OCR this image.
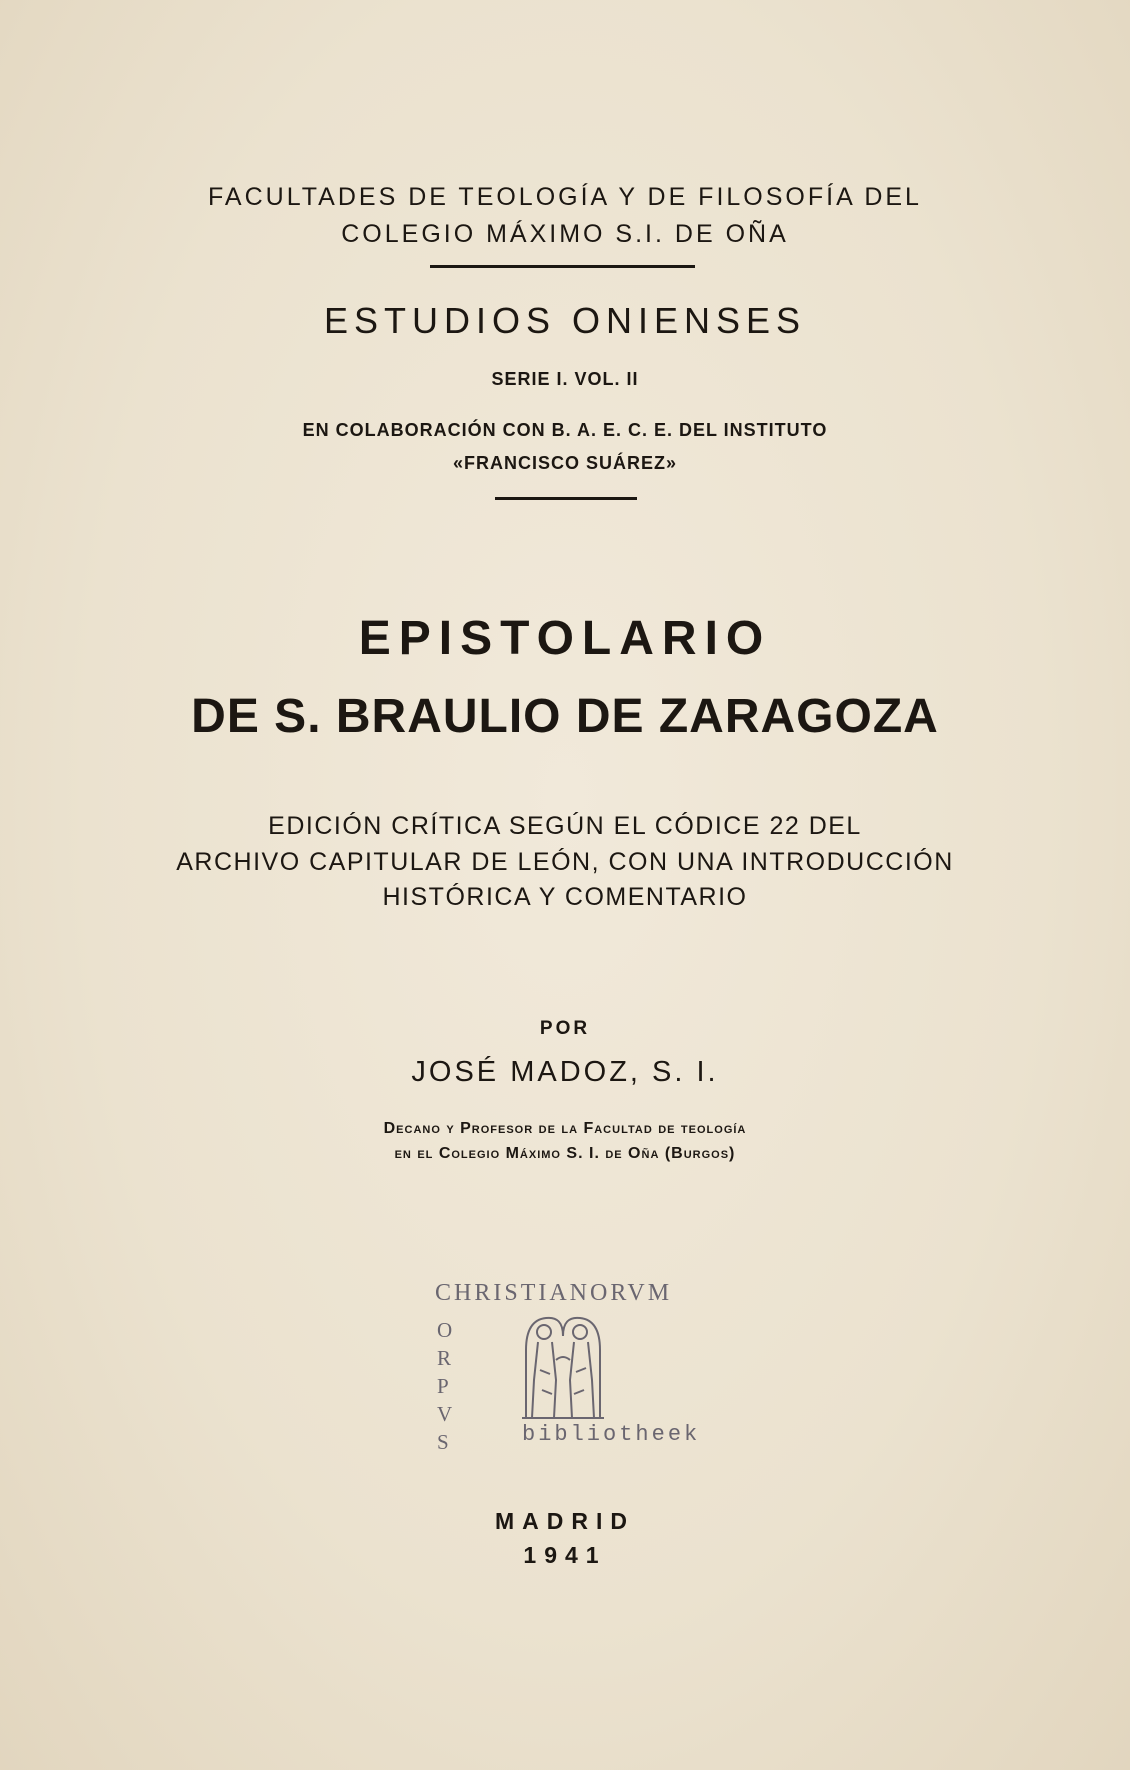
FACULTADES DE TEOLOGÍA Y DE FILOSOFÍA DEL
COLEGIO MÁXIMO S.I. DE OÑA
ESTUDIOS ONIENSES
SERIE I. VOL. II
EN COLABORACIÓN CON B. A. E. C. E. DEL INSTITUTO
«FRANCISCO SUÁREZ»
EPISTOLARIO
DE S. BRAULIO DE ZARAGOZA
EDICIÓN CRÍTICA SEGÚN EL CÓDICE 22 DEL
ARCHIVO CAPITULAR DE LEÓN, CON UNA INTRODUCCIÓN
HISTÓRICA Y COMENTARIO
POR
JOSÉ MADOZ, S. I.
Decano y Profesor de la Facultad de teología
en el Colegio Máximo S. I. de Oña (Burgos)
CHRISTIANORVM
O
R
P
V
S	bibliotheek
MADRID
1941
